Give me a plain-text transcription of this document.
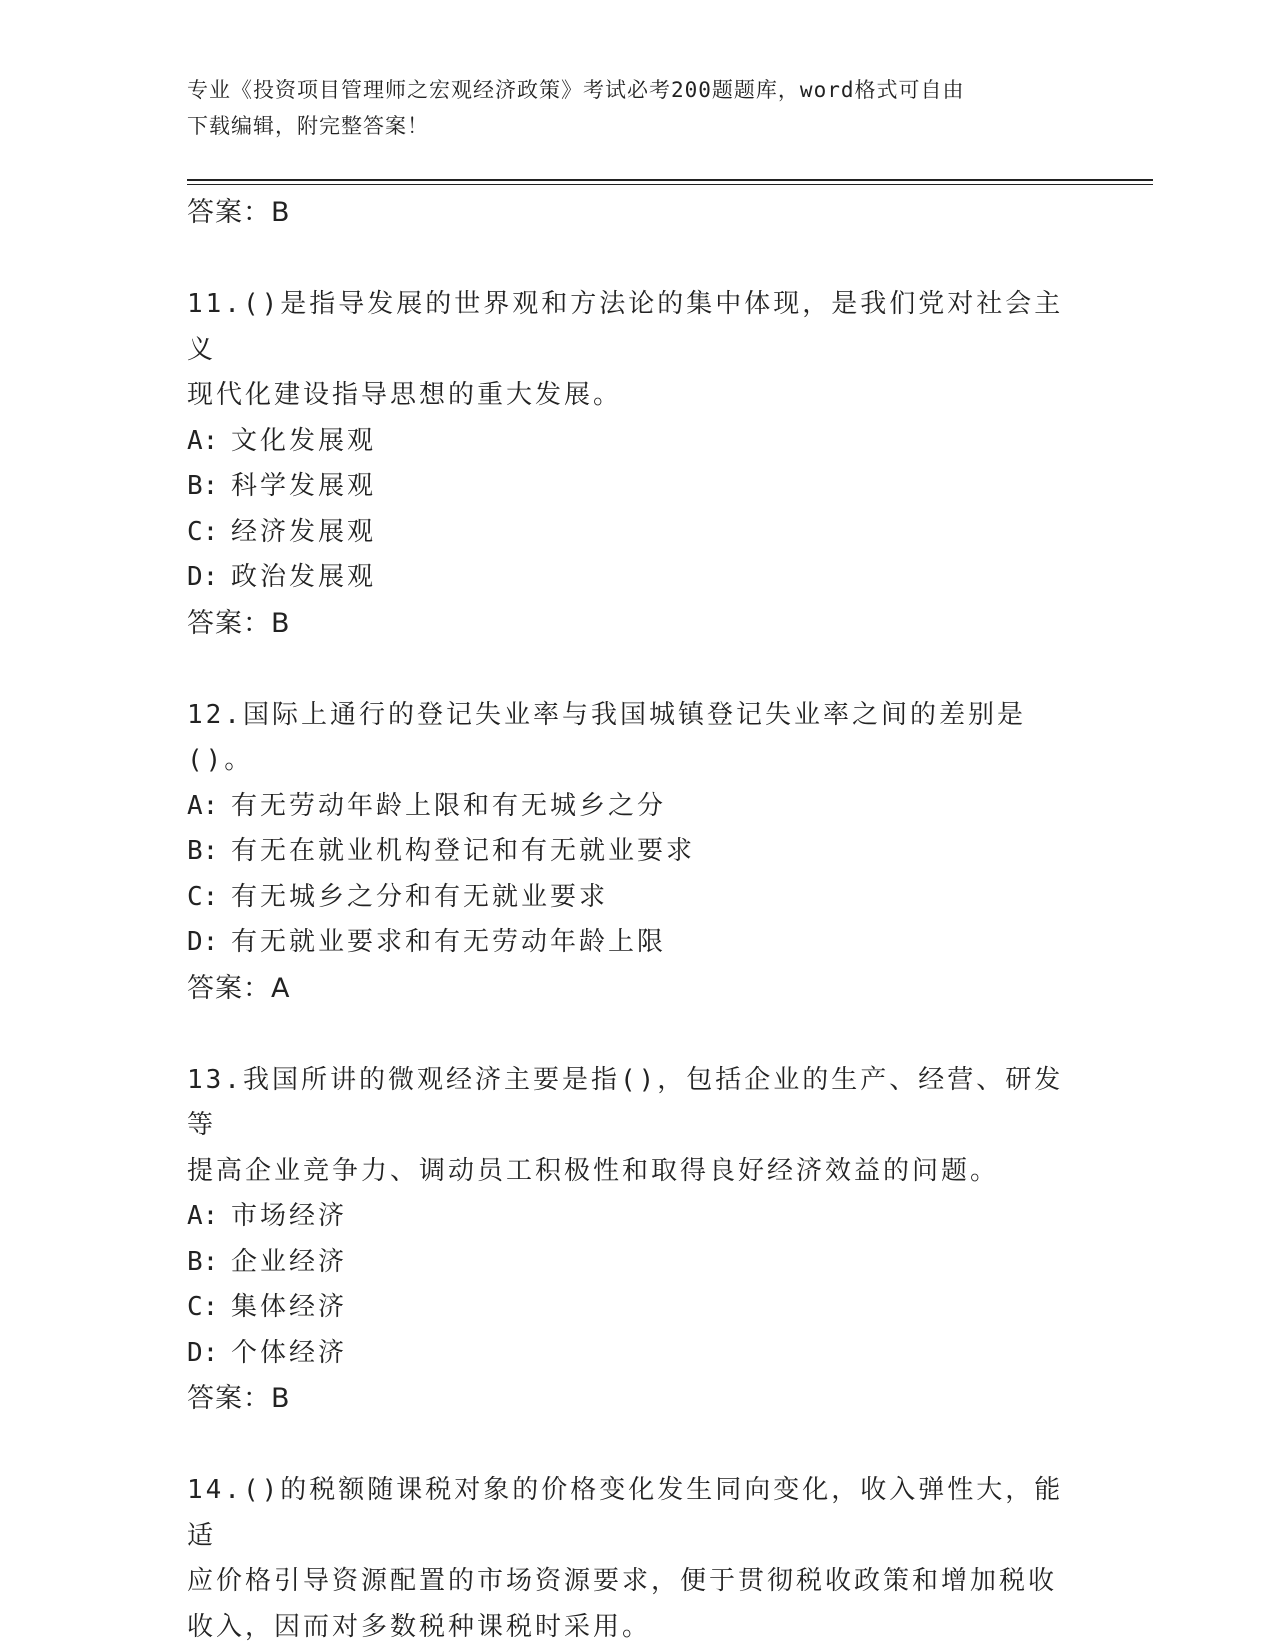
专业《投资项目管理师之宏观经济政策》考试必考200题题库，word格式可自由
下载编辑，附完整答案！

答案：B

11.()是指导发展的世界观和方法论的集中体现，是我们党对社会主义

现代化建设指导思想的重大发展。

A: 文化发展观

B: 科学发展观

C: 经济发展观

D: 政治发展观

答案：B

12.国际上通行的登记失业率与我国城镇登记失业率之间的差别是()。

A: 有无劳动年龄上限和有无城乡之分

B: 有无在就业机构登记和有无就业要求

C: 有无城乡之分和有无就业要求

D: 有无就业要求和有无劳动年龄上限

答案：A

13.我国所讲的微观经济主要是指()，包括企业的生产、经营、研发等

提高企业竞争力、调动员工积极性和取得良好经济效益的问题。

A: 市场经济

B: 企业经济

C: 集体经济

D: 个体经济

答案：B

14.()的税额随课税对象的价格变化发生同向变化，收入弹性大，能适

应价格引导资源配置的市场资源要求，便于贯彻税收政策和增加税收

收入，因而对多数税种课税时采用。
